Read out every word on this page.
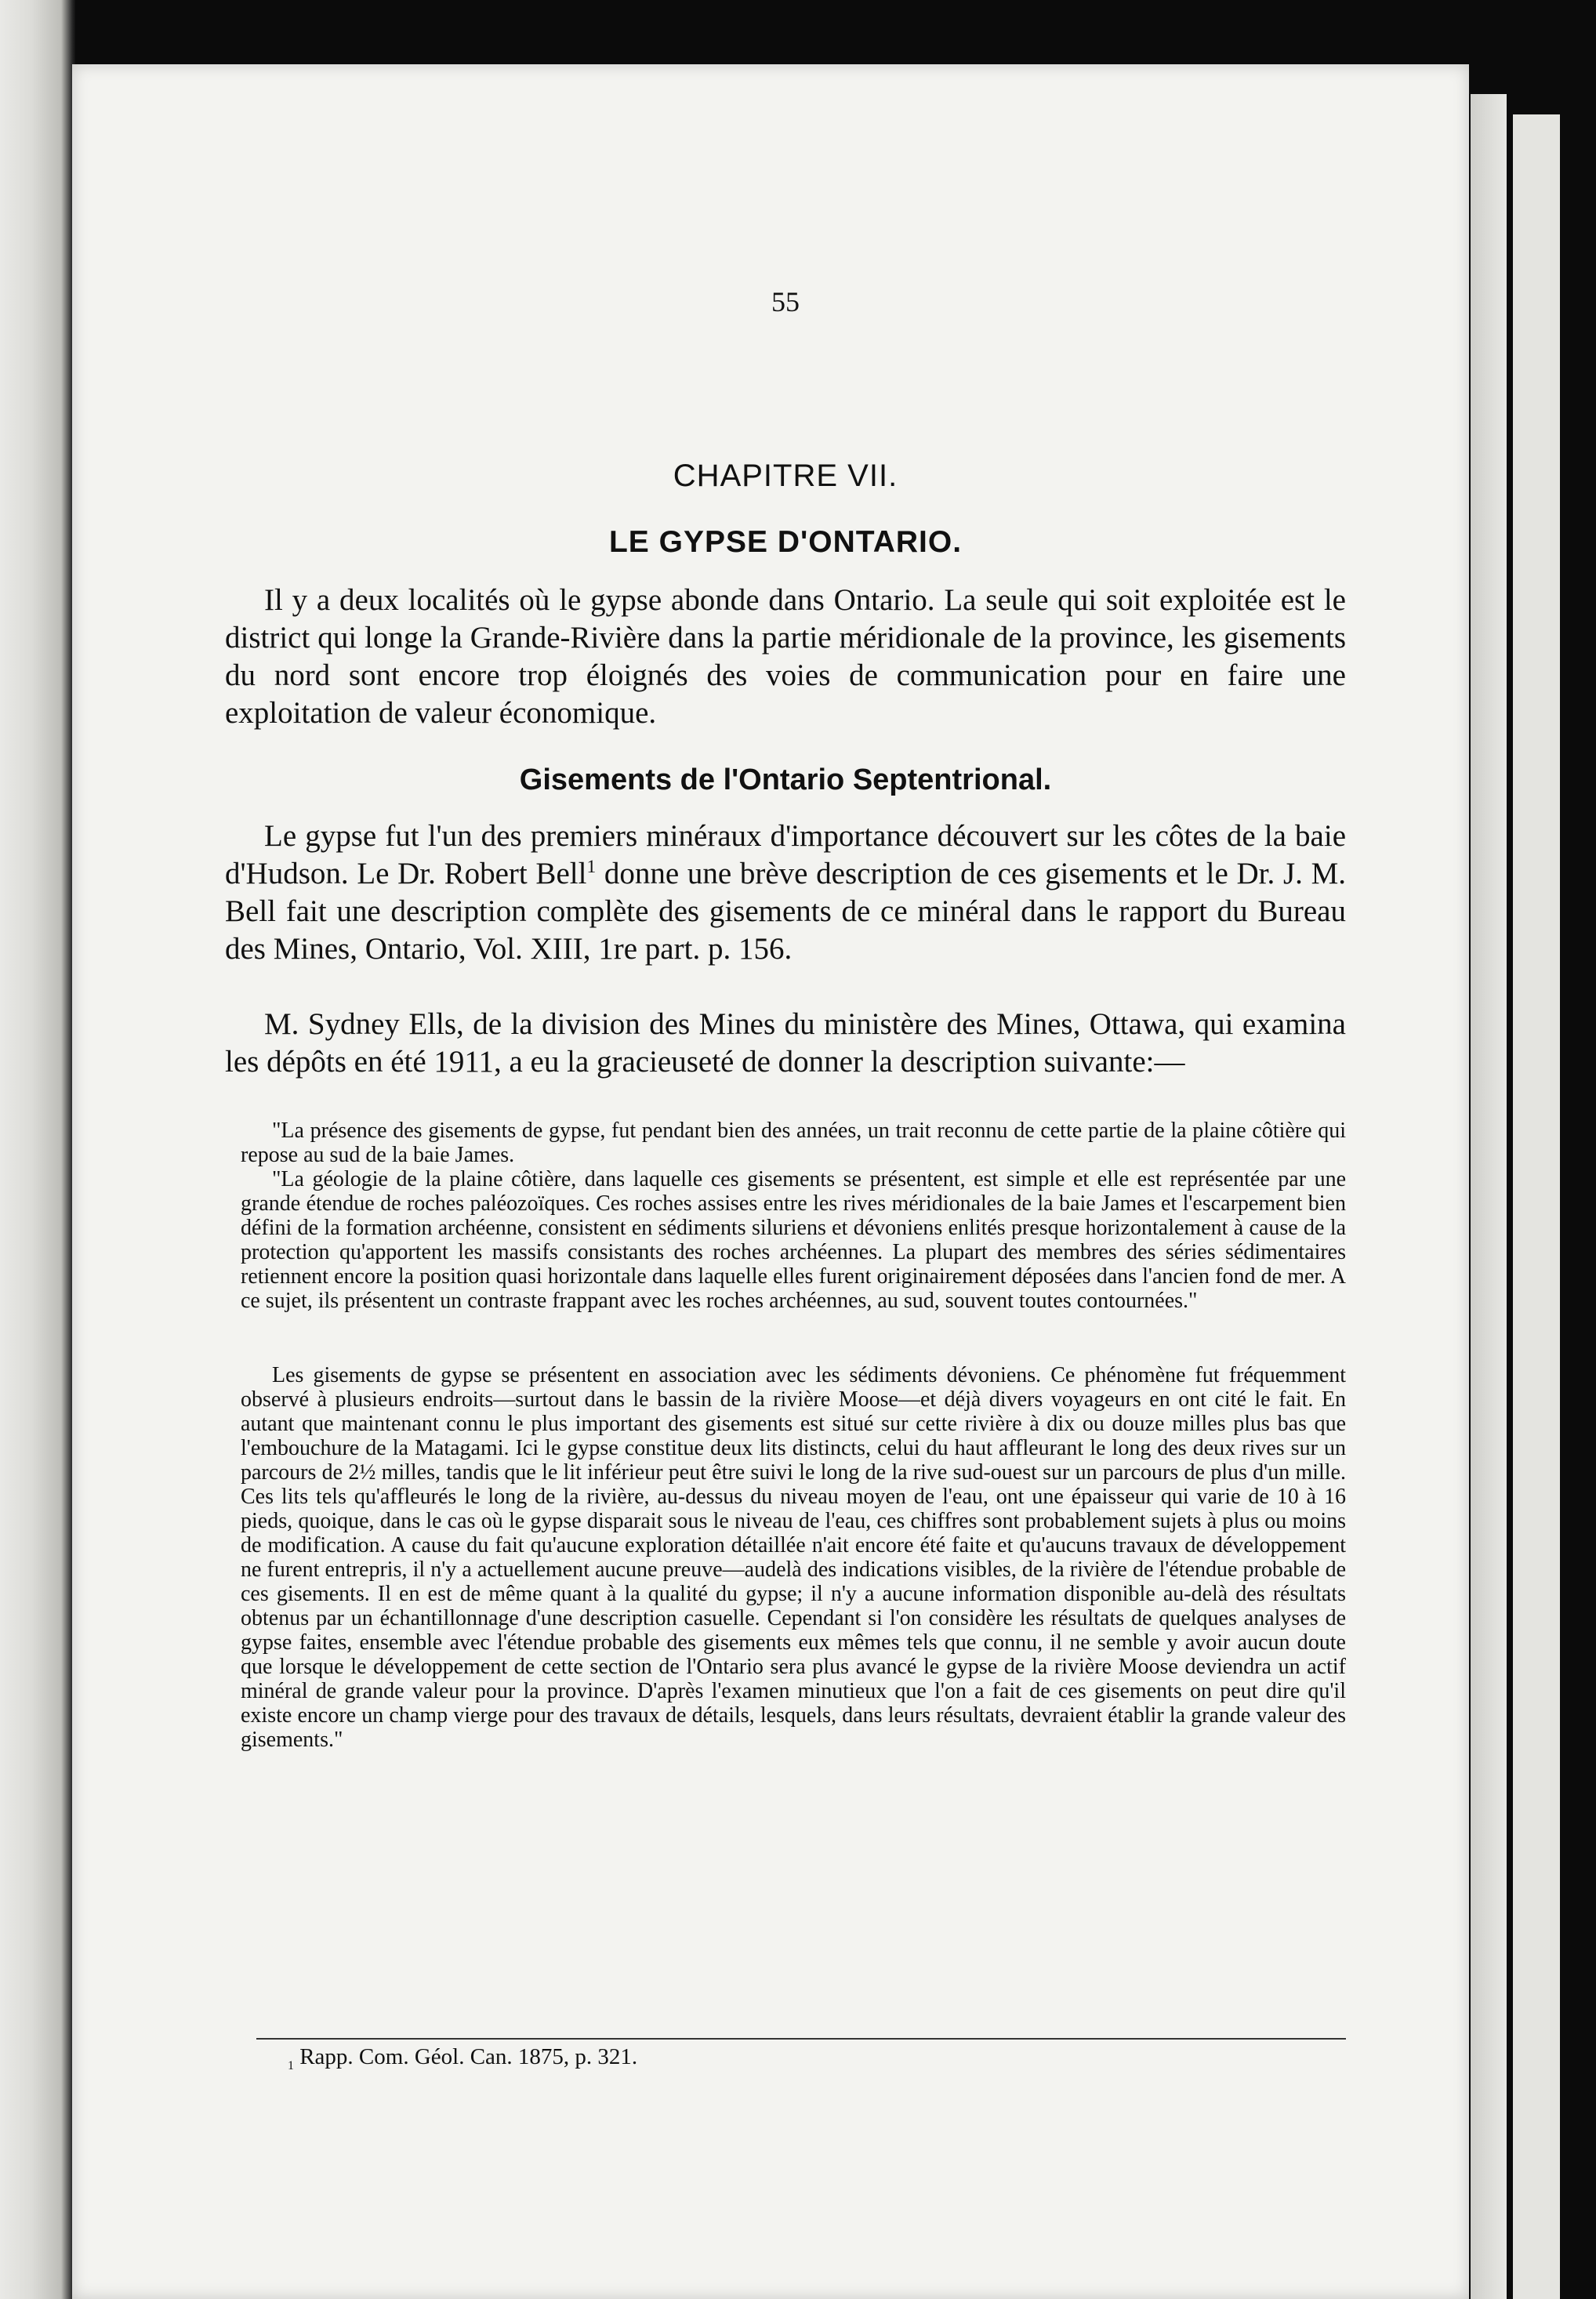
55
CHAPITRE VII.
LE GYPSE D'ONTARIO.

Il y a deux localités où le gypse abonde dans Ontario. La seule qui soit exploitée est le district qui longe la Grande-Rivière dans la partie méridionale de la province, les gisements du nord sont encore trop éloignés des voies de communication pour en faire une exploitation de valeur économique.

Gisements de l'Ontario Septentrional.

Le gypse fut l'un des premiers minéraux d'importance découvert sur les côtes de la baie d'Hudson. Le Dr. Robert Bell$^1$ donne une brève description de ces gisements et le Dr. J. M. Bell fait une description complète des gisements de ce minéral dans le rapport du Bureau des Mines, Ontario, Vol. XIII, 1re part. p. 156.

M. Sydney Ells, de la division des Mines du ministère des Mines, Ottawa, qui examina les dépôts en été 1911, a eu la gracieuseté de donner la description suivante:—

"La présence des gisements de gypse, fut pendant bien des années, un trait reconnu de cette partie de la plaine côtière qui repose au sud de la baie James.

"La géologie de la plaine côtière, dans laquelle ces gisements se présentent, est simple et elle est représentée par une grande étendue de roches paléozoïques. Ces roches assises entre les rives méridionales de la baie James et l'escarpement bien défini de la formation archéenne, consistent en sédiments siluriens et dévoniens enlités presque horizontalement à cause de la protection qu'apportent les massifs consistants des roches archéennes. La plupart des membres des séries sédimentaires retiennent encore la position quasi horizontale dans laquelle elles furent originairement déposées dans l'ancien fond de mer. A ce sujet, ils présentent un contraste frappant avec les roches archéennes, au sud, souvent toutes contournées."

Les gisements de gypse se présentent en association avec les sédiments dévoniens. Ce phénomène fut fréquemment observé à plusieurs endroits—surtout dans le bassin de la rivière Moose—et déjà divers voyageurs en ont cité le fait. En autant que maintenant connu le plus important des gisements est situé sur cette rivière à dix ou douze milles plus bas que l'embouchure de la Matagami. Ici le gypse constitue deux lits distincts, celui du haut affleurant le long des deux rives sur un parcours de 2½ milles, tandis que le lit inférieur peut être suivi le long de la rive sud-ouest sur un parcours de plus d'un mille. Ces lits tels qu'affleurés le long de la rivière, au-dessus du niveau moyen de l'eau, ont une épaisseur qui varie de 10 à 16 pieds, quoique, dans le cas où le gypse disparait sous le niveau de l'eau, ces chiffres sont probablement sujets à plus ou moins de modification. A cause du fait qu'aucune exploration détaillée n'ait encore été faite et qu'aucuns travaux de développement ne furent entrepris, il n'y a actuellement aucune preuve—audelà des indications visibles, de la rivière de l'étendue probable de ces gisements. Il en est de même quant à la qualité du gypse; il n'y a aucune information disponible au-delà des résultats obtenus par un échantillonnage d'une description casuelle. Cependant si l'on considère les résultats de quelques analyses de gypse faites, ensemble avec l'étendue probable des gisements eux mêmes tels que connu, il ne semble y avoir aucun doute que lorsque le développement de cette section de l'Ontario sera plus avancé le gypse de la rivière Moose deviendra un actif minéral de grande valeur pour la province. D'après l'examen minutieux que l'on a fait de ces gisements on peut dire qu'il existe encore un champ vierge pour des travaux de détails, lesquels, dans leurs résultats, devraient établir la grande valeur des gisements."

$_1$ Rapp. Com. Géol. Can. 1875, p. 321.
